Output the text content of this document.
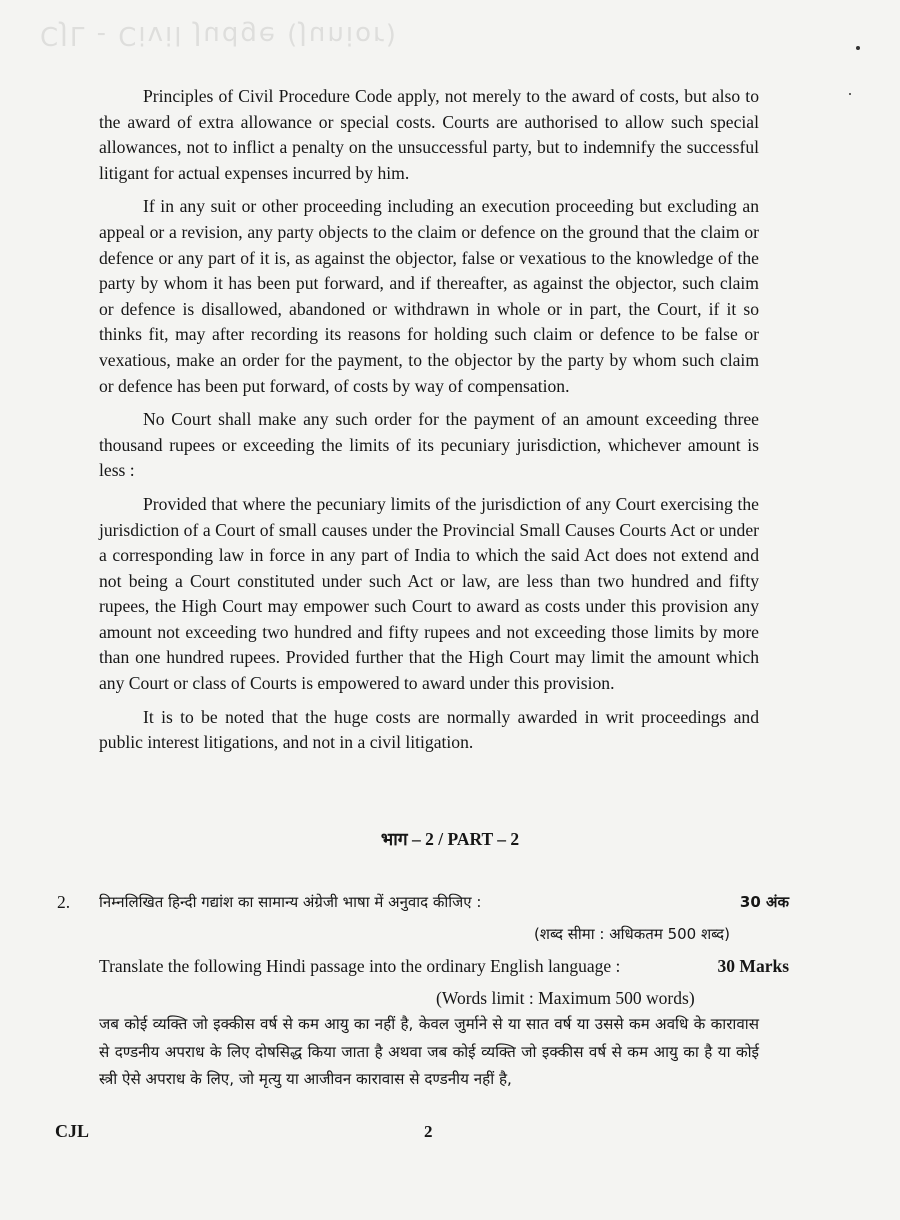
CJL - Civil Judge (Junior)

Principles of Civil Procedure Code apply, not merely to the award of costs, but also to the award of extra allowance or special costs. Courts are authorised to allow such special allowances, not to inflict a penalty on the unsuccessful party, but to indemnify the successful litigant for actual expenses incurred by him.

If in any suit or other proceeding including an execution proceeding but excluding an appeal or a revision, any party objects to the claim or defence on the ground that the claim or defence or any part of it is, as against the objector, false or vexatious to the knowledge of the party by whom it has been put forward, and if thereafter, as against the objector, such claim or defence is disallowed, abandoned or withdrawn in whole or in part, the Court, if it so thinks fit, may after recording its reasons for holding such claim or defence to be false or vexatious, make an order for the payment, to the objector by the party by whom such claim or defence has been put forward, of costs by way of compensation.

No Court shall make any such order for the payment of an amount exceeding three thousand rupees or exceeding the limits of its pecuniary jurisdiction, whichever amount is less :

Provided that where the pecuniary limits of the jurisdiction of any Court exercising the jurisdiction of a Court of small causes under the Provincial Small Causes Courts Act or under a corresponding law in force in any part of India to which the said Act does not extend and not being a Court constituted under such Act or law, are less than two hundred and fifty rupees, the High Court may empower such Court to award as costs under this provision any amount not exceeding two hundred and fifty rupees and not exceeding those limits by more than one hundred rupees. Provided further that the High Court may limit the amount which any Court or class of Courts is empowered to award under this provision.

It is to be noted that the huge costs are normally awarded in writ proceedings and public interest litigations, and not in a civil litigation.

भाग – 2 / PART – 2
2. निम्नलिखित हिन्दी गद्यांश का सामान्य अंग्रेजी भाषा में अनुवाद कीजिए :	30 अंक
(शब्द सीमा : अधिकतम 500 शब्द)
Translate the following Hindi passage into the ordinary English language :	30 Marks
(Words limit : Maximum 500 words)

जब कोई व्यक्ति जो इक्कीस वर्ष से कम आयु का नहीं है, केवल जुर्माने से या सात वर्ष या उससे कम अवधि के कारावास से दण्डनीय अपराध के लिए दोषसिद्ध किया जाता है अथवा जब कोई व्यक्ति जो इक्कीस वर्ष से कम आयु का है या कोई स्त्री ऐसे अपराध के लिए, जो मृत्यु या आजीवन कारावास से दण्डनीय नहीं है,

CJL	2
